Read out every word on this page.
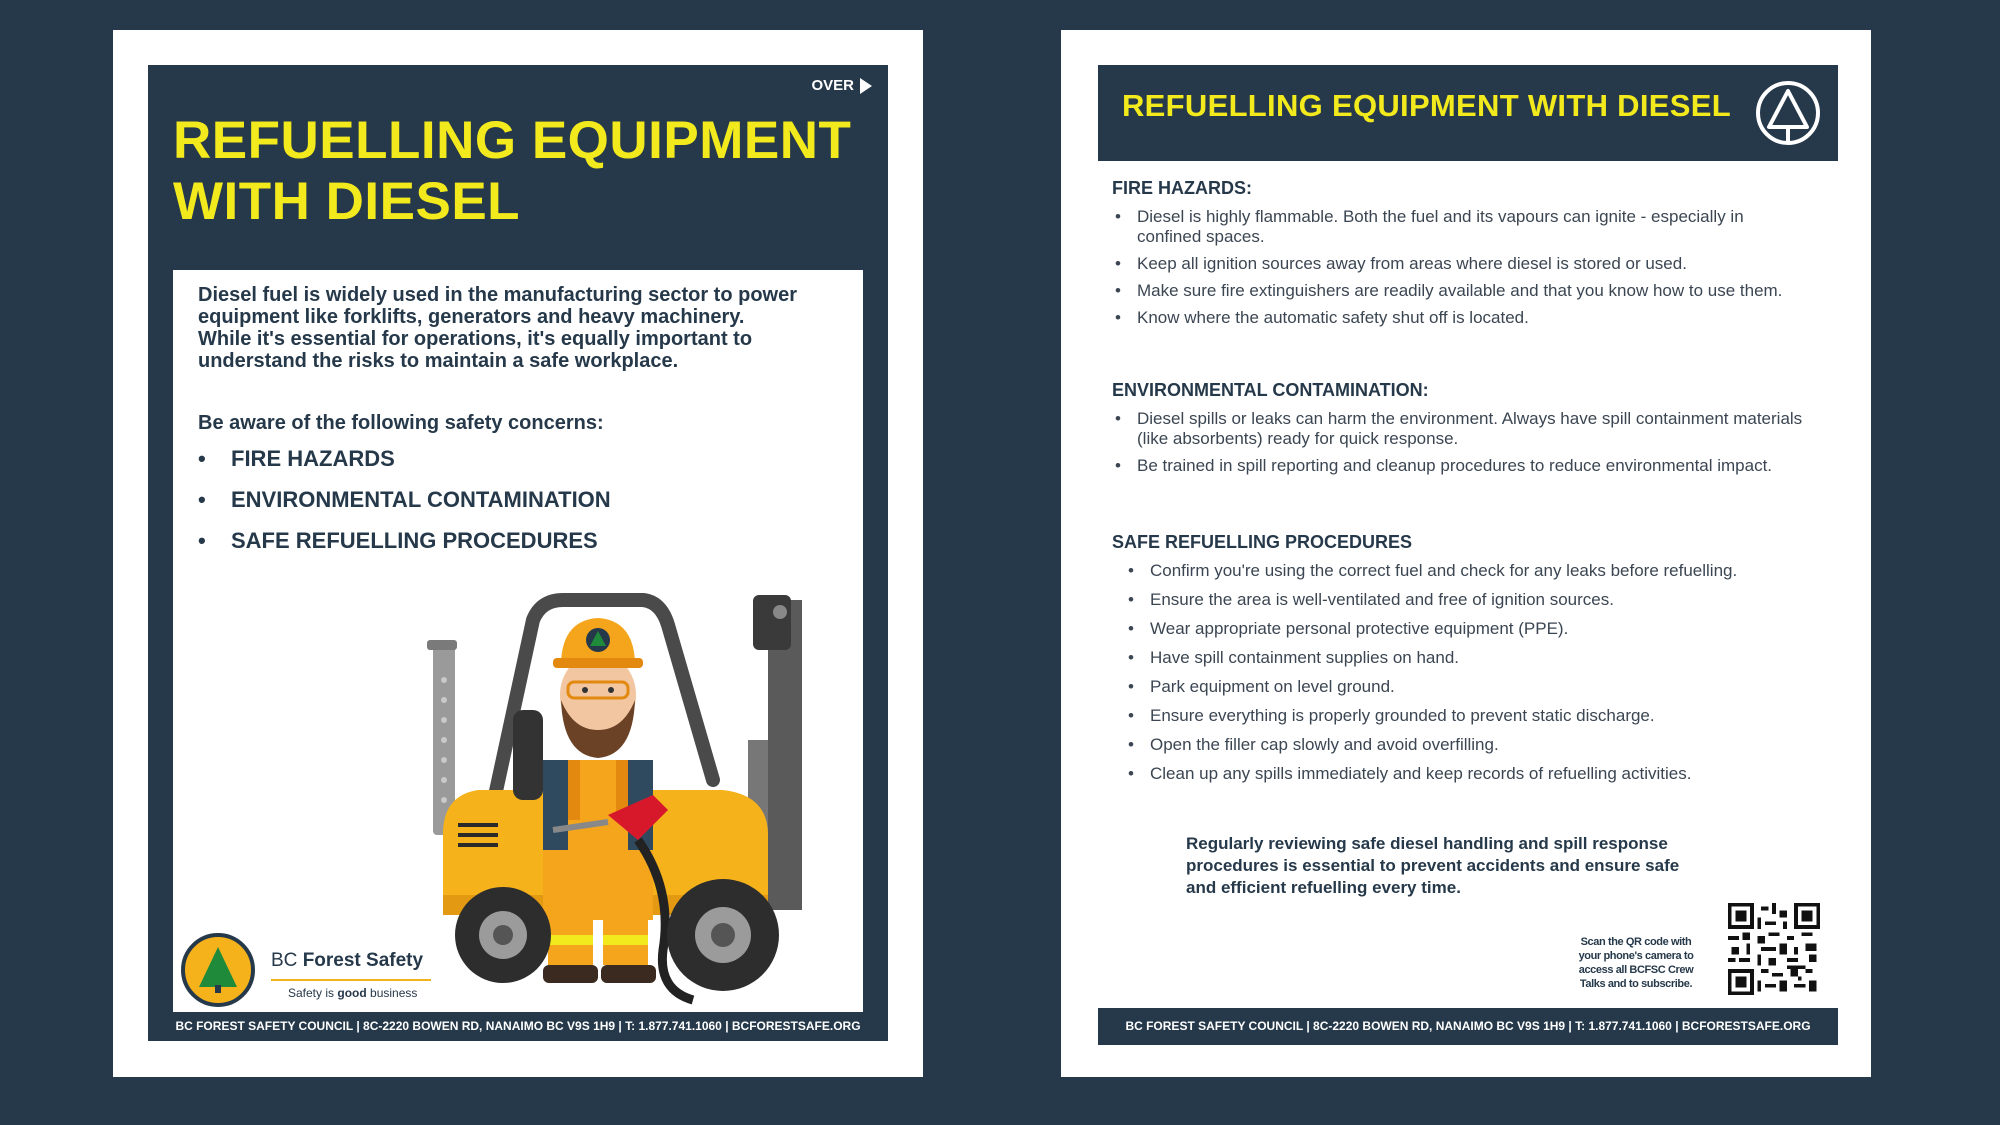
OVER
REFUELLING EQUIPMENT
WITH DIESEL

Diesel fuel is widely used in the manufacturing sector to power equipment like forklifts, generators and heavy machinery. While it's essential for operations, it's equally important to understand the risks to maintain a safe workplace.

Be aware of the following safety concerns:

• FIRE HAZARDS
• ENVIRONMENTAL CONTAMINATION
• SAFE REFUELLING PROCEDURES
BC Forest Safety
Safety is good business
BC FOREST SAFETY COUNCIL | 8C-2220 BOWEN RD, NANAIMO BC V9S 1H9 | T: 1.877.741.1060 | BCFORESTSAFE.ORG
REFUELLING EQUIPMENT WITH DIESEL
FIRE HAZARDS:
• Diesel is highly flammable. Both the fuel and its vapours can ignite - especially in confined spaces.
• Keep all ignition sources away from areas where diesel is stored or used.
• Make sure fire extinguishers are readily available and that you know how to use them.
• Know where the automatic safety shut off is located.
ENVIRONMENTAL CONTAMINATION:
• Diesel spills or leaks can harm the environment. Always have spill containment materials (like absorbents) ready for quick response.
• Be trained in spill reporting and cleanup procedures to reduce environmental impact.
SAFE REFUELLING PROCEDURES
• Confirm you're using the correct fuel and check for any leaks before refuelling.
• Ensure the area is well-ventilated and free of ignition sources.
• Wear appropriate personal protective equipment (PPE).
• Have spill containment supplies on hand.
• Park equipment on level ground.
• Ensure everything is properly grounded to prevent static discharge.
• Open the filler cap slowly and avoid overfilling.
• Clean up any spills immediately and keep records of refuelling activities.

Regularly reviewing safe diesel handling and spill response procedures is essential to prevent accidents and ensure safe and efficient refuelling every time.

Scan the QR code with your phone's camera to access all BCFSC Crew Talks and to subscribe.

BC FOREST SAFETY COUNCIL | 8C-2220 BOWEN RD, NANAIMO BC V9S 1H9 | T: 1.877.741.1060 | BCFORESTSAFE.ORG
